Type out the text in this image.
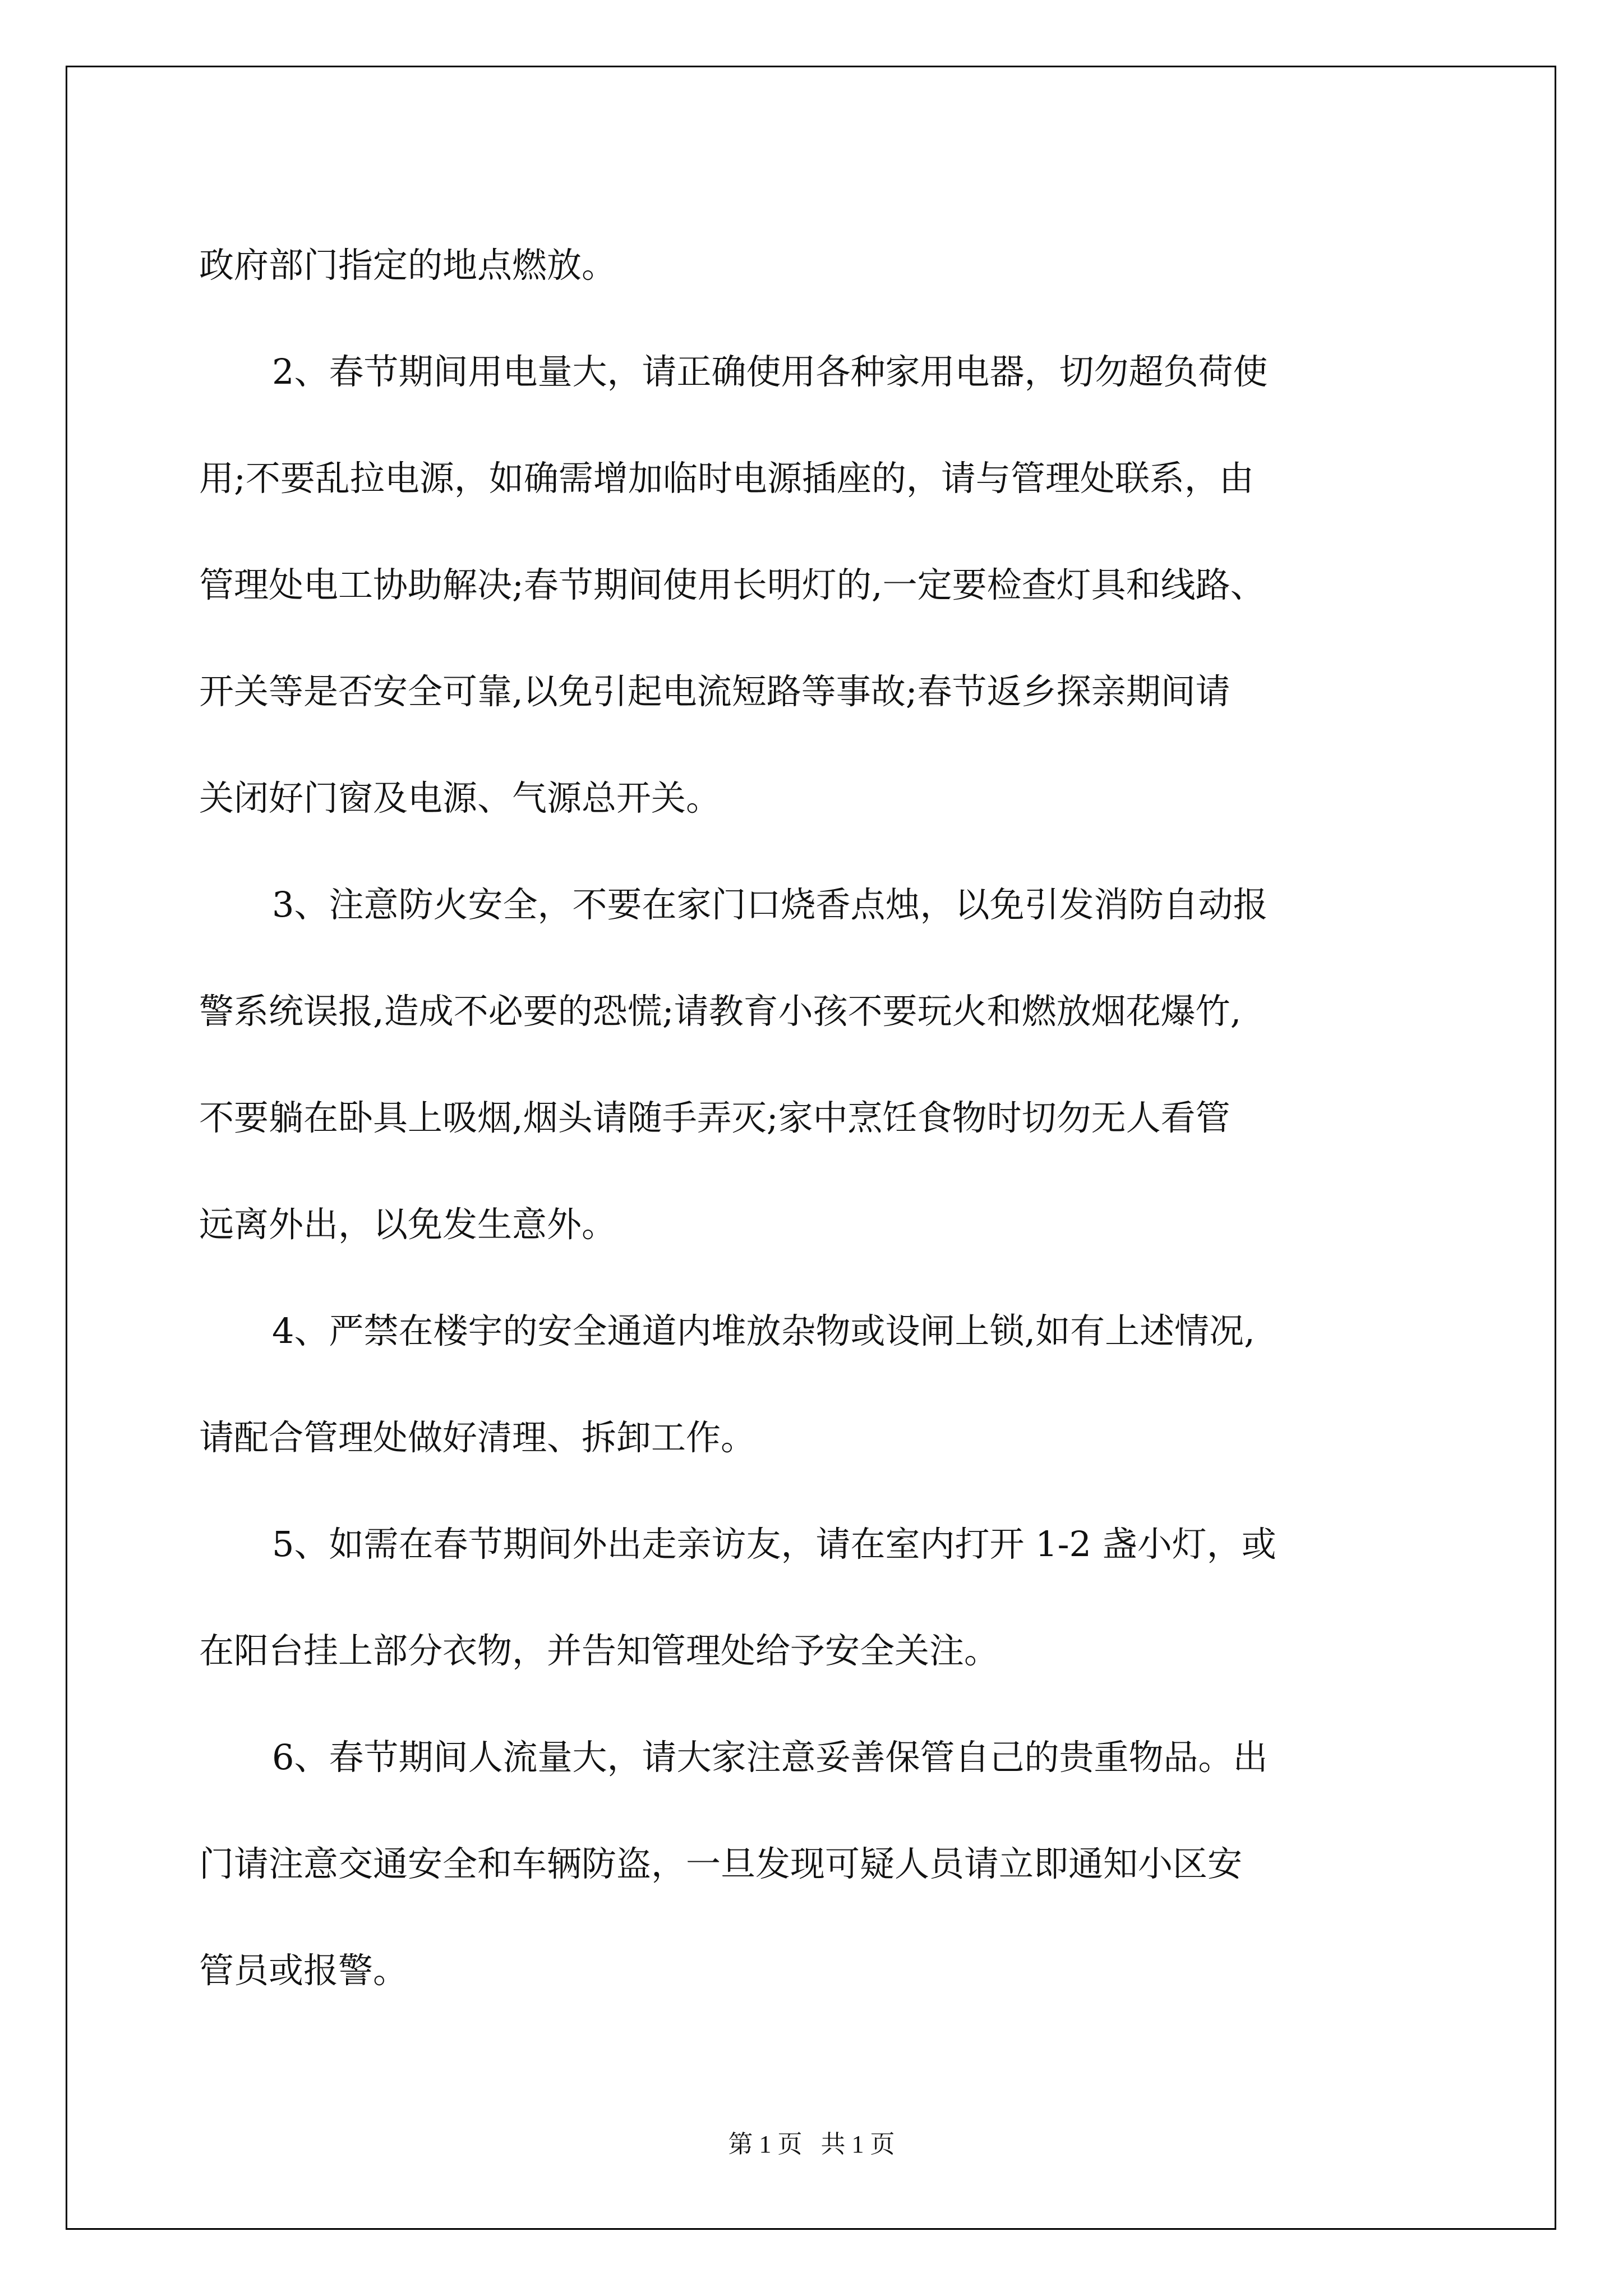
政府部门指定的地点燃放。
2、春节期间用电量大，请正确使用各种家用电器，切勿超负荷使
用;不要乱拉电源，如确需增加临时电源插座的，请与管理处联系，由
管理处电工协助解决;春节期间使用长明灯的,一定要检查灯具和线路、
开关等是否安全可靠,以免引起电流短路等事故;春节返乡探亲期间请
关闭好门窗及电源、气源总开关。
3、注意防火安全，不要在家门口烧香点烛，以免引发消防自动报
警系统误报,造成不必要的恐慌;请教育小孩不要玩火和燃放烟花爆竹,
不要躺在卧具上吸烟,烟头请随手弄灭;家中烹饪食物时切勿无人看管
远离外出，以免发生意外。
4、严禁在楼宇的安全通道内堆放杂物或设闸上锁,如有上述情况,
请配合管理处做好清理、拆卸工作。
5、如需在春节期间外出走亲访友，请在室内打开 1-2 盏小灯，或
在阳台挂上部分衣物，并告知管理处给予安全关注。
6、春节期间人流量大，请大家注意妥善保管自己的贵重物品。出
门请注意交通安全和车辆防盗，一旦发现可疑人员请立即通知小区安
管员或报警。
第 1 页   共 1 页
